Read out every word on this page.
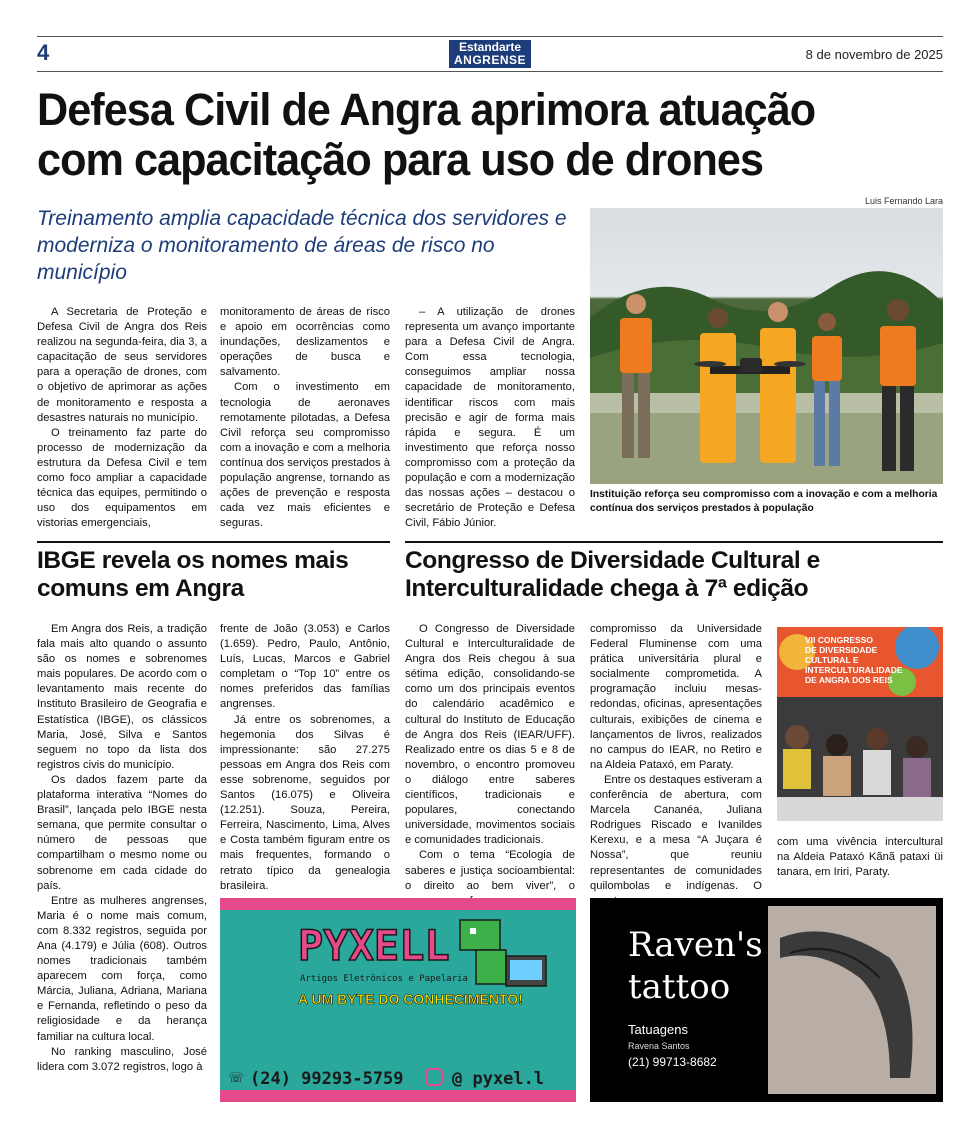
4	Estandarte
ANGRENSE	8 de novembro de 2025
Defesa Civil de Angra aprimora atuação
com capacitação para uso de drones
Luis Fernando Lara
Treinamento amplia capacidade técnica dos servidores e moderniza o monitoramento de áreas de risco no município

A Secretaria de Proteção e Defesa Civil de Angra dos Reis realizou na segunda-feira, dia 3, a capacitação de seus servidores para a operação de drones, com o objetivo de aprimorar as ações de monitoramento e resposta a desastres naturais no município.

O treinamento faz parte do processo de modernização da estrutura da Defesa Civil e tem como foco ampliar a capacidade técnica das equipes, permitindo o uso dos equipamentos em vistorias emergenciais,

monitoramento de áreas de risco e apoio em ocorrências como inundações, deslizamentos e operações de busca e salvamento.

Com o investimento em tecnologia de aeronaves remotamente pilotadas, a Defesa Civil reforça seu compromisso com a inovação e com a melhoria contínua dos serviços prestados à população angrense, tornando as ações de prevenção e resposta cada vez mais eficientes e seguras.

– A utilização de drones representa um avanço importante para a Defesa Civil de Angra. Com essa tecnologia, conseguimos ampliar nossa capacidade de monitoramento, identificar riscos com mais precisão e agir de forma mais rápida e segura. É um investimento que reforça nosso compromisso com a proteção da população e com a modernização das nossas ações – destacou o secretário de Proteção e Defesa Civil, Fábio Júnior.

Instituição reforça seu compromisso com a inovação e com a melhoria contínua dos serviços prestados à população
IBGE revela os nomes mais
comuns em Angra

Em Angra dos Reis, a tradição fala mais alto quando o assunto são os nomes e sobrenomes mais populares. De acordo com o levantamento mais recente do Instituto Brasileiro de Geografia e Estatística (IBGE), os clássicos Maria, José, Silva e Santos seguem no topo da lista dos registros civis do município.

Os dados fazem parte da plataforma interativa “Nomes do Brasil”, lançada pelo IBGE nesta semana, que permite consultar o número de pessoas que compartilham o mesmo nome ou sobrenome em cada cidade do país.

Entre as mulheres angrenses, Maria é o nome mais comum, com 8.332 registros, seguida por Ana (4.179) e Júlia (608). Outros nomes tradicionais também aparecem com força, como Márcia, Juliana, Adriana, Mariana e Fernanda, refletindo o peso da religiosidade e da herança familiar na cultura local.

No ranking masculino, José lidera com 3.072 registros, logo à

frente de João (3.053) e Carlos (1.659). Pedro, Paulo, Antônio, Luís, Lucas, Marcos e Gabriel completam o “Top 10” entre os nomes preferidos das famílias angrenses.

Já entre os sobrenomes, a hegemonia dos Silvas é impressionante: são 27.275 pessoas em Angra dos Reis com esse sobrenome, seguidos por Santos (16.075) e Oliveira (12.251). Souza, Pereira, Ferreira, Nascimento, Lima, Alves e Costa também figuram entre os mais frequentes, formando o retrato típico da genealogia brasileira.

Congresso de Diversidade Cultural e
Interculturalidade chega à 7ª edição

O Congresso de Diversidade Cultural e Interculturalidade de Angra dos Reis chegou à sua sétima edição, consolidando-se como um dos principais eventos do calendário acadêmico e cultural do Instituto de Educação de Angra dos Reis (IEAR/UFF). Realizado entre os dias 5 e 8 de novembro, o encontro promoveu o diálogo entre saberes científicos, tradicionais e populares, conectando universidade, movimentos sociais e comunidades tradicionais.

Com o tema “Ecologia de saberes e justiça socioambiental: o direito ao bem viver”, o

compromisso da Universidade Federal Fluminense com uma prática universitária plural e socialmente comprometida. A programação incluiu mesas-redondas, oficinas, apresentações culturais, exibições de cinema e lançamentos de livros, realizados no campus do IEAR, no Retiro e na Aldeia Pataxó, em Paraty.

Entre os destaques estiveram a conferência de abertura, com Marcela Cananéa, Juliana Rodrigues Riscado e Ivanildes Kerexu, e a mesa “A Juçara é Nossa”, que reuniu representantes de comunidades quilombolas e indígenas. O

VII CONGRESSO
DE DIVERSIDADE
CULTURAL E
INTERCULTURALIDADE
DE ANGRA DOS REIS

com uma vivência intercultural na Aldeia Pataxó Kãnã pataxi üi tanara, em Iriri, Paraty.

PYXELL
Artigos Eletrônicos e Papelaria
A UM BYTE DO CONHECIMENTO!
☏ (24) 99293-5759	@ pyxel.l
Raven's
tattoo
Tatuagens
Ravena Santos
(21) 99713-8682
